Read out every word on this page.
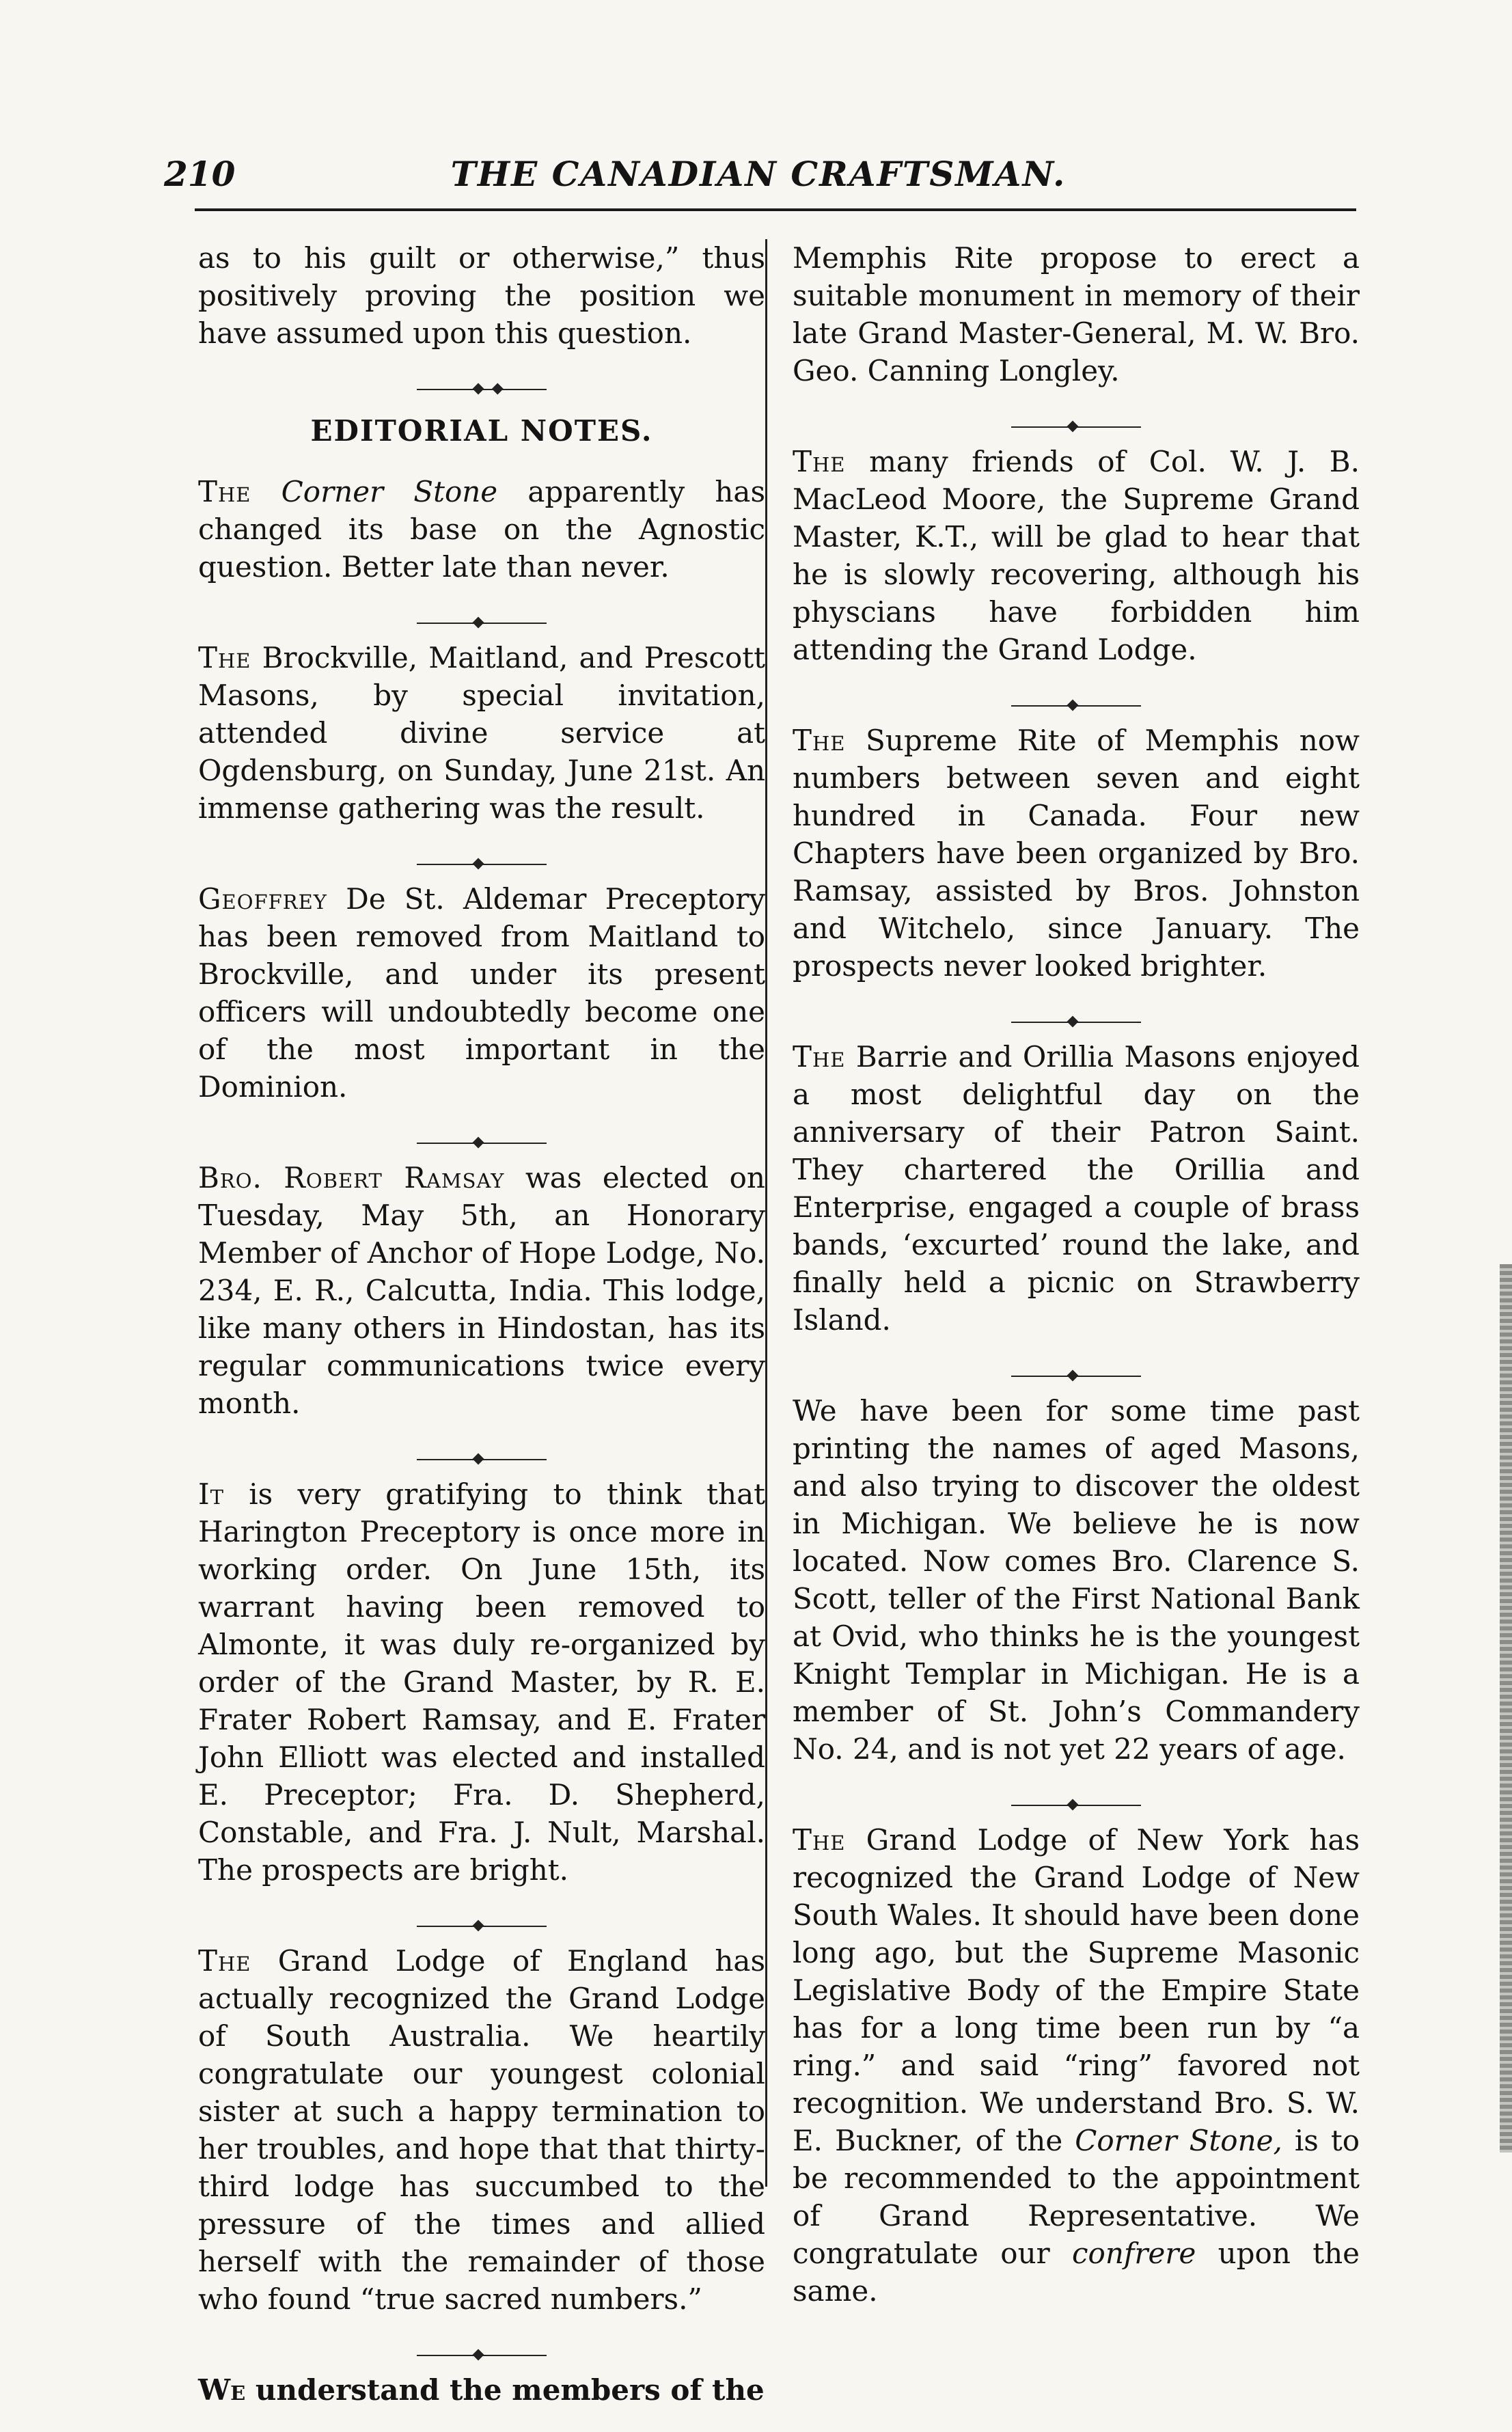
210	THE CANADIAN CRAFTSMAN.

as to his guilt or otherwise,” thus positively proving the position we have assumed upon this question.

EDITORIAL NOTES.

The Corner Stone apparently has changed its base on the Agnostic question. Better late than never.

The Brockville, Maitland, and Prescott Masons, by special invitation, attended divine service at Ogdensburg, on Sunday, June 21st. An immense gathering was the result.

Geoffrey De St. Aldemar Preceptory has been removed from Maitland to Brockville, and under its present officers will undoubtedly become one of the most important in the Dominion.

Bro. Robert Ramsay was elected on Tuesday, May 5th, an Honorary Member of Anchor of Hope Lodge, No. 234, E. R., Calcutta, India. This lodge, like many others in Hindostan, has its regular communications twice every month.

It is very gratifying to think that Harington Preceptory is once more in working order. On June 15th, its warrant having been removed to Almonte, it was duly re-organized by order of the Grand Master, by R. E. Frater Robert Ramsay, and E. Frater John Elliott was elected and installed E. Preceptor; Fra. D. Shepherd, Constable, and Fra. J. Nult, Marshal. The prospects are bright.

The Grand Lodge of England has actually recognized the Grand Lodge of South Australia. We heartily congratulate our youngest colonial sister at such a happy termination to her troubles, and hope that that thirty-third lodge has succumbed to the pressure of the times and allied herself with the remainder of those who found “true sacred numbers.”

We understand the members of the

Memphis Rite propose to erect a suitable monument in memory of their late Grand Master-General, M. W. Bro. Geo. Canning Longley.

The many friends of Col. W. J. B. MacLeod Moore, the Supreme Grand Master, K.T., will be glad to hear that he is slowly recovering, although his physcians have forbidden him attending the Grand Lodge.

The Supreme Rite of Memphis now numbers between seven and eight hundred in Canada. Four new Chapters have been organized by Bro. Ramsay, assisted by Bros. Johnston and Witchelo, since January. The prospects never looked brighter.

The Barrie and Orillia Masons enjoyed a most delightful day on the anniversary of their Patron Saint. They chartered the Orillia and Enterprise, engaged a couple of brass bands, ‘excurted’ round the lake, and finally held a picnic on Strawberry Island.

We have been for some time past printing the names of aged Masons, and also trying to discover the oldest in Michigan. We believe he is now located. Now comes Bro. Clarence S. Scott, teller of the First National Bank at Ovid, who thinks he is the youngest Knight Templar in Michigan. He is a member of St. John’s Commandery No. 24, and is not yet 22 years of age.

The Grand Lodge of New York has recognized the Grand Lodge of New South Wales. It should have been done long ago, but the Supreme Masonic Legislative Body of the Empire State has for a long time been run by “a ring.” and said “ring” favored not recognition. We understand Bro. S. W. E. Buckner, of the Corner Stone, is to be recommended to the appointment of Grand Representative. We congratulate our confrere upon the same.
